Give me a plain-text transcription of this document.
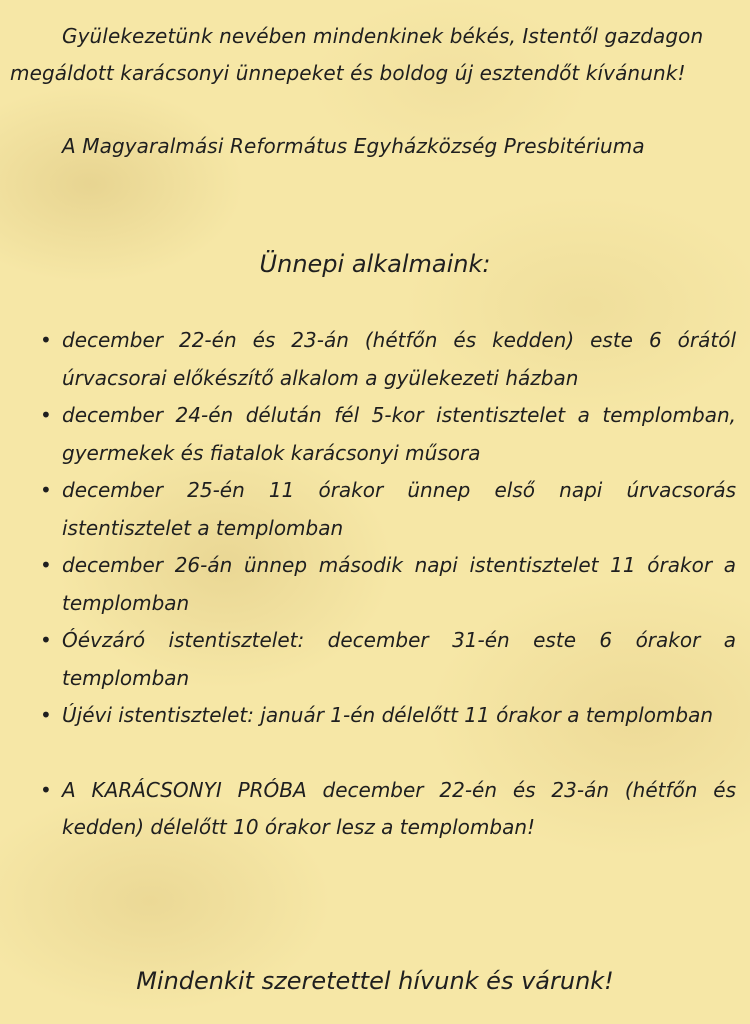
Gyülekezetünk nevében mindenkinek békés, Istentől gazdagon
megáldott karácsonyi ünnepeket és boldog új esztendőt kívánunk!
A Magyaralmási Református Egyházközség Presbitériuma
Ünnepi alkalmaink:
• december 22-én és 23-án (hétfőn és kedden) este 6 órától úrvacsorai előkészítő alkalom a gyülekezeti házban
• december 24-én délután fél 5-kor istentisztelet a templomban, gyermekek és fiatalok karácsonyi műsora
• december 25-én 11 órakor ünnep első napi úrvacsorás istentisztelet a templomban
• december 26-án ünnep második napi istentisztelet 11 órakor a templomban
• Óévzáró istentisztelet: december 31-én este 6 órakor a templomban
• Újévi istentisztelet: január 1-én délelőtt 11 órakor a templomban
• A KARÁCSONYI PRÓBA december 22-én és 23-án (hétfőn és kedden) délelőtt 10 órakor lesz a templomban!
Mindenkit szeretettel hívunk és várunk!
